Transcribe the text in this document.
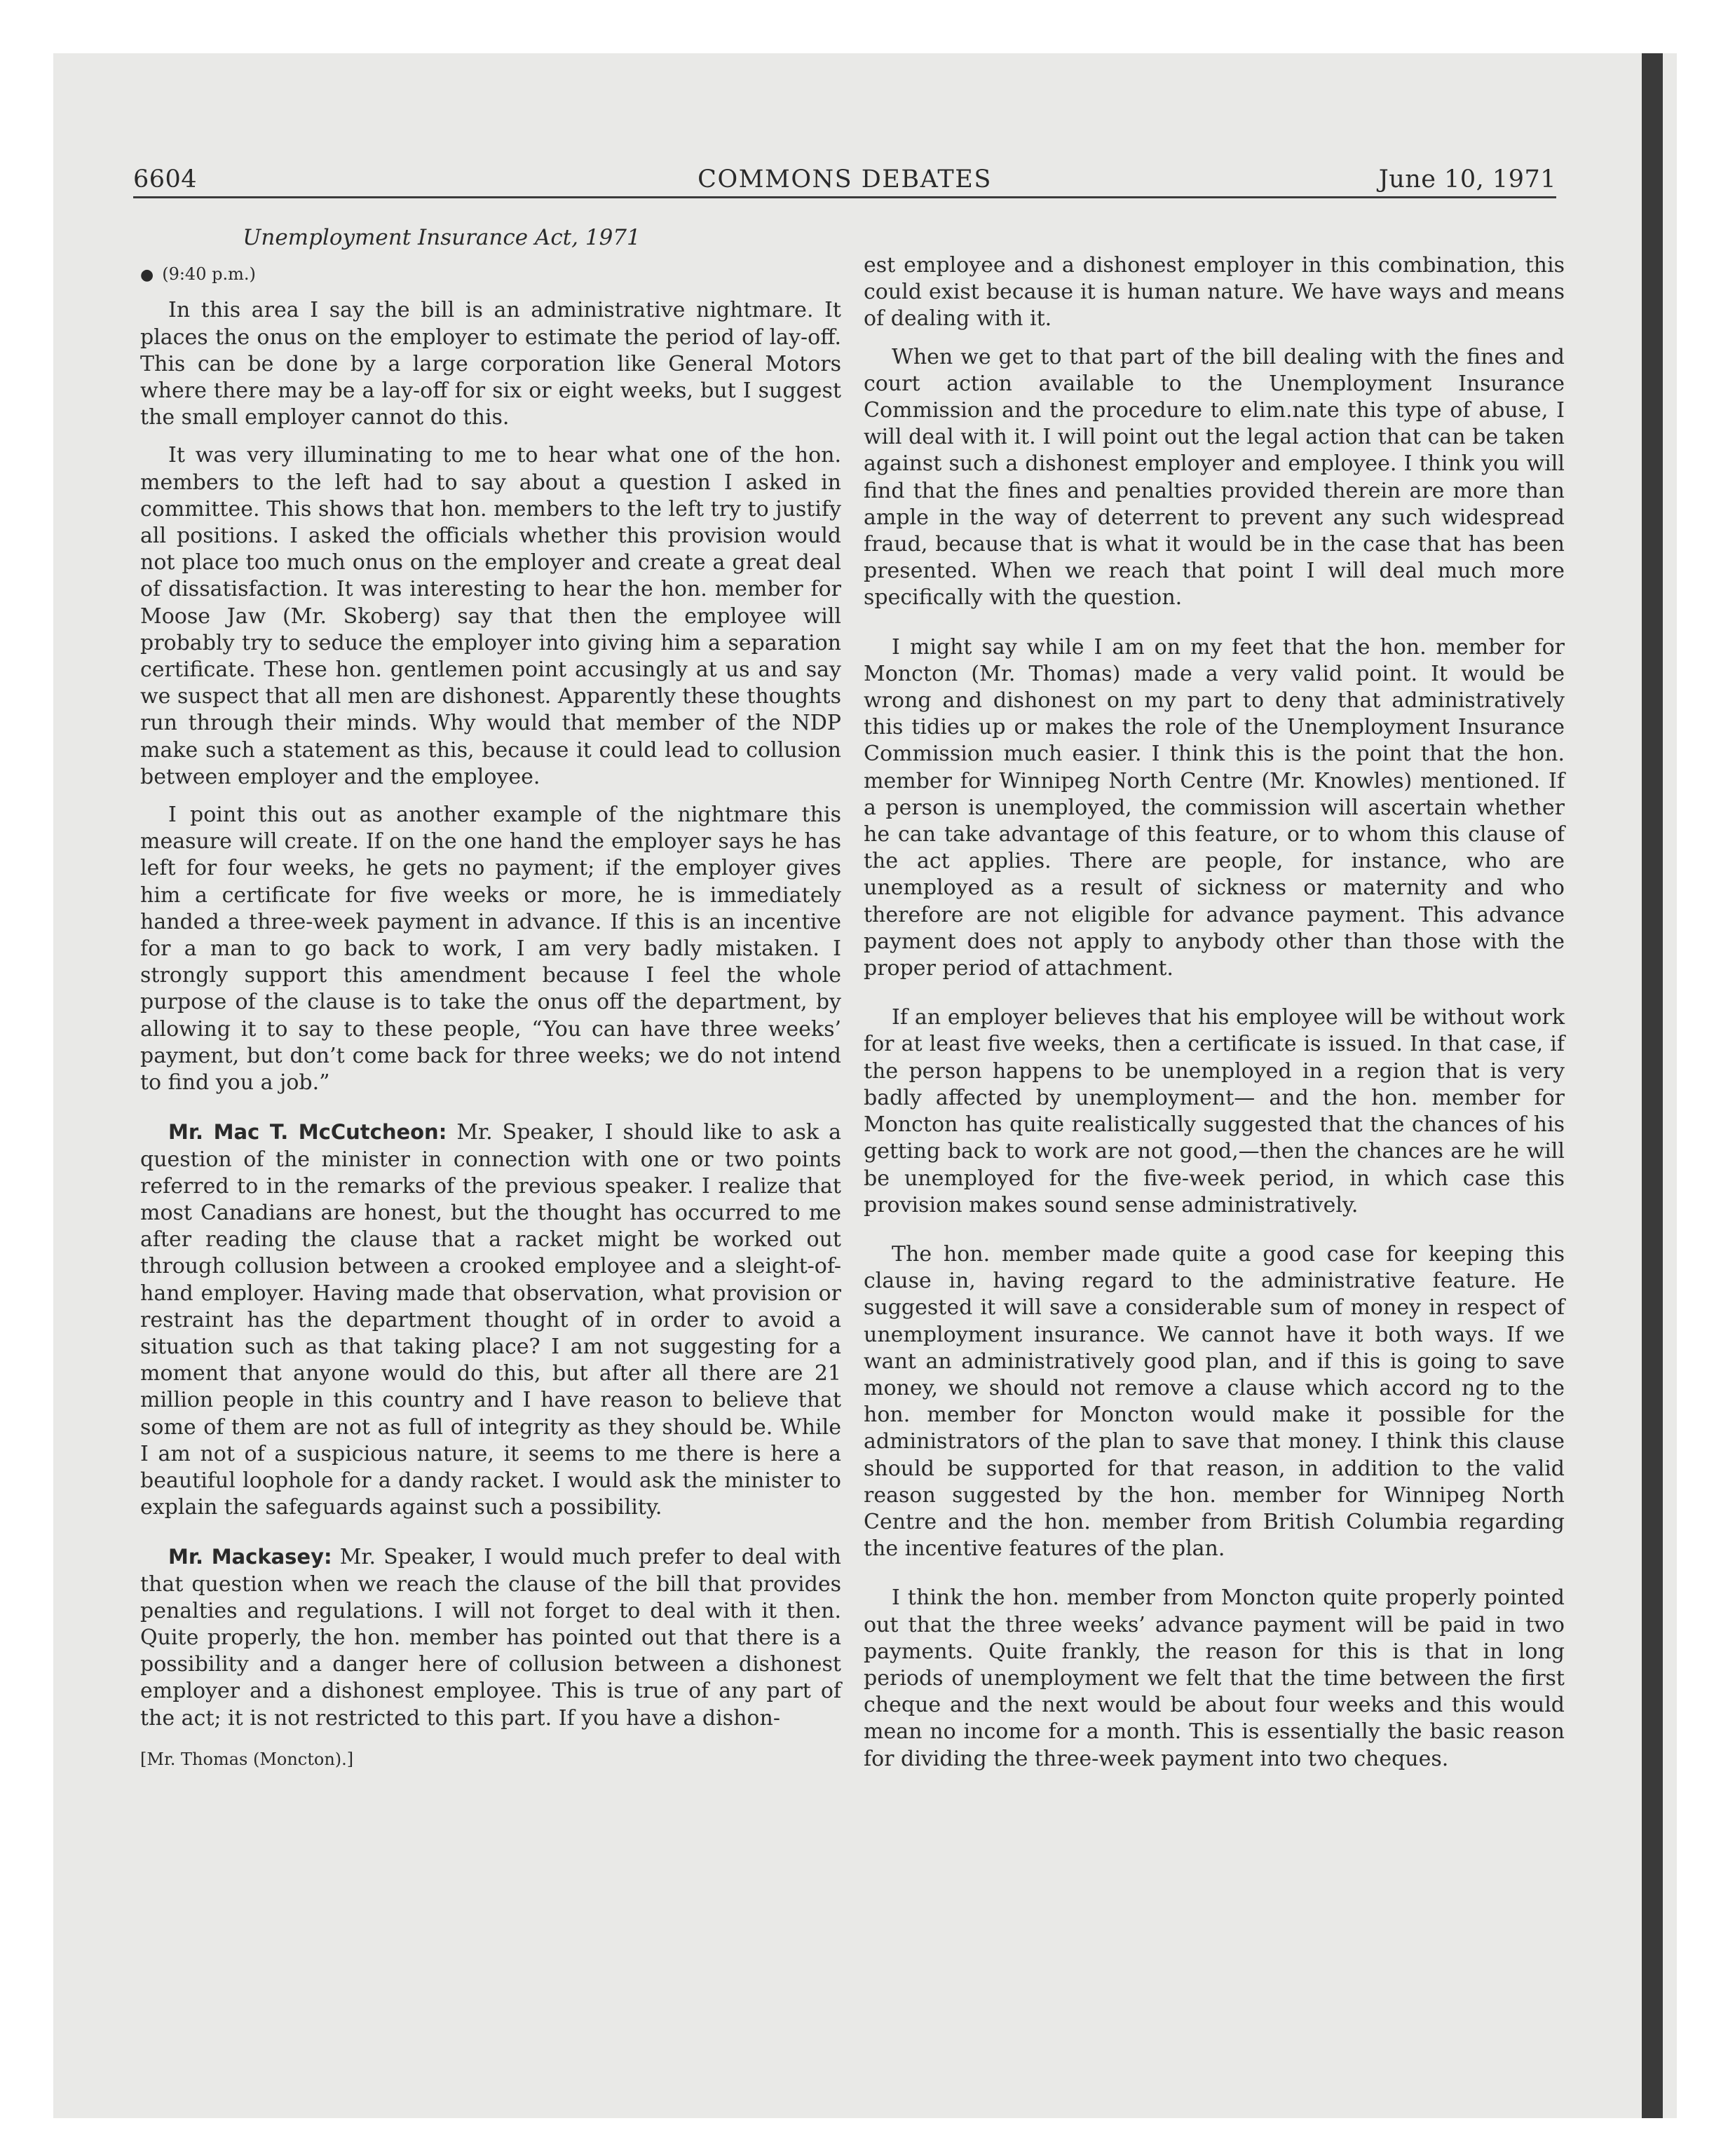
6604	COMMONS DEBATES	June 10, 1971
Unemployment Insurance Act, 1971
● (9:40 p.m.)

In this area I say the bill is an administrative nightmare. It places the onus on the employer to estimate the period of lay-off. This can be done by a large corporation like General Motors where there may be a lay-off for six or eight weeks, but I suggest the small employer cannot do this.

It was very illuminating to me to hear what one of the hon. members to the left had to say about a question I asked in committee. This shows that hon. members to the left try to justify all positions. I asked the officials whether this provision would not place too much onus on the employer and create a great deal of dissatisfaction. It was interesting to hear the hon. member for Moose Jaw (Mr. Skoberg) say that then the employee will probably try to seduce the employer into giving him a separation certificate. These hon. gentlemen point accusingly at us and say we suspect that all men are dishonest. Apparently these thoughts run through their minds. Why would that member of the NDP make such a statement as this, because it could lead to collusion between employer and the employee.

I point this out as another example of the nightmare this measure will create. If on the one hand the employer says he has left for four weeks, he gets no payment; if the employer gives him a certificate for five weeks or more, he is immediately handed a three-week payment in advance. If this is an incentive for a man to go back to work, I am very badly mistaken. I strongly support this amendment because I feel the whole purpose of the clause is to take the onus off the department, by allowing it to say to these people, “You can have three weeks’ payment, but don’t come back for three weeks; we do not intend to find you a job.”

Mr. Mac T. McCutcheon: Mr. Speaker, I should like to ask a question of the minister in connection with one or two points referred to in the remarks of the previous speaker. I realize that most Canadians are honest, but the thought has occurred to me after reading the clause that a racket might be worked out through collusion between a crooked employee and a sleight-of-hand employer. Having made that observation, what provision or restraint has the department thought of in order to avoid a situation such as that taking place? I am not suggesting for a moment that anyone would do this, but after all there are 21 million people in this country and I have reason to believe that some of them are not as full of integrity as they should be. While I am not of a suspicious nature, it seems to me there is here a beautiful loophole for a dandy racket. I would ask the minister to explain the safeguards against such a possibility.

Mr. Mackasey: Mr. Speaker, I would much prefer to deal with that question when we reach the clause of the bill that provides penalties and regulations. I will not forget to deal with it then. Quite properly, the hon. member has pointed out that there is a possibility and a danger here of collusion between a dishonest employer and a dishonest employee. This is true of any part of the act; it is not restricted to this part. If you have a dishon-

[Mr. Thomas (Moncton).]

est employee and a dishonest employer in this combination, this could exist because it is human nature. We have ways and means of dealing with it.

When we get to that part of the bill dealing with the fines and court action available to the Unemployment Insurance Commission and the procedure to elim.nate this type of abuse, I will deal with it. I will point out the legal action that can be taken against such a dishonest employer and employee. I think you will find that the fines and penalties provided therein are more than ample in the way of deterrent to prevent any such widespread fraud, because that is what it would be in the case that has been presented. When we reach that point I will deal much more specifically with the question.

I might say while I am on my feet that the hon. member for Moncton (Mr. Thomas) made a very valid point. It would be wrong and dishonest on my part to deny that administratively this tidies up or makes the role of the Unemployment Insurance Commission much easier. I think this is the point that the hon. member for Winnipeg North Centre (Mr. Knowles) mentioned. If a person is unemployed, the commission will ascertain whether he can take advantage of this feature, or to whom this clause of the act applies. There are people, for instance, who are unemployed as a result of sickness or maternity and who therefore are not eligible for advance payment. This advance payment does not apply to anybody other than those with the proper period of attachment.

If an employer believes that his employee will be without work for at least five weeks, then a certificate is issued. In that case, if the person happens to be unemployed in a region that is very badly affected by unemployment— and the hon. member for Moncton has quite realistically suggested that the chances of his getting back to work are not good,—then the chances are he will be unemployed for the five-week period, in which case this provision makes sound sense administratively.

The hon. member made quite a good case for keeping this clause in, having regard to the administrative feature. He suggested it will save a considerable sum of money in respect of unemployment insurance. We cannot have it both ways. If we want an administratively good plan, and if this is going to save money, we should not remove a clause which accord ng to the hon. member for Moncton would make it possible for the administrators of the plan to save that money. I think this clause should be supported for that reason, in addition to the valid reason suggested by the hon. member for Winnipeg North Centre and the hon. member from British Columbia regarding the incentive features of the plan.

I think the hon. member from Moncton quite properly pointed out that the three weeks’ advance payment will be paid in two payments. Quite frankly, the reason for this is that in long periods of unemployment we felt that the time between the first cheque and the next would be about four weeks and this would mean no income for a month. This is essentially the basic reason for dividing the three-week payment into two cheques.
